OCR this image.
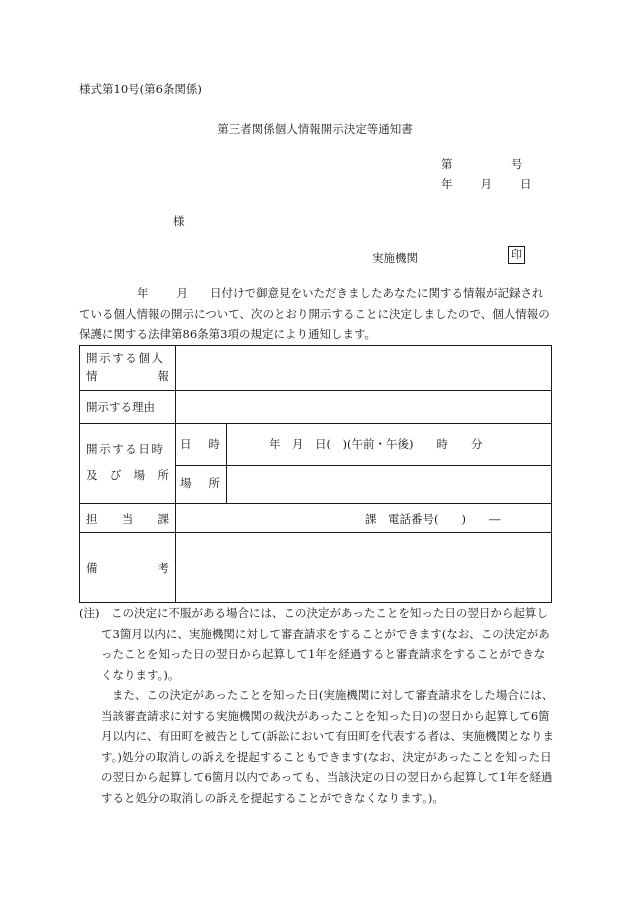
様式第10号(第6条関係)
第三者関係個人情報開示決定等通知書
第	号
年 月 日
様
実施機関	印
年 月 日付けで御意見をいただきましたあなたに関する情報が記録されている個人情報の開示について、次のとおり開示することに決定しましたので、個人情報の保護に関する法律第86条第3項の規定により通知します。
開示する個人
情	報
開示する理由
開示する日時
及 び 場 所
日 時	年　月　日(　)(午前・午後)　　時　　分
場 所
担 当 課	課　電話番号(　　)　　―
備	考

(注)　この決定に不服がある場合には、この決定があったことを知った日の翌日から起算して3箇月以内に、実施機関に対して審査請求をすることができます(なお、この決定があったことを知った日の翌日から起算して1年を経過すると審査請求をすることができなくなります。)。

また、この決定があったことを知った日(実施機関に対して審査請求をした場合には、当該審査請求に対する実施機関の裁決があったことを知った日)の翌日から起算して6箇月以内に、有田町を被告として(訴訟において有田町を代表する者は、実施機関となります。)処分の取消しの訴えを提起することもできます(なお、決定があったことを知った日の翌日から起算して6箇月以内であっても、当該決定の日の翌日から起算して1年を経過すると処分の取消しの訴えを提起することができなくなります。)。
